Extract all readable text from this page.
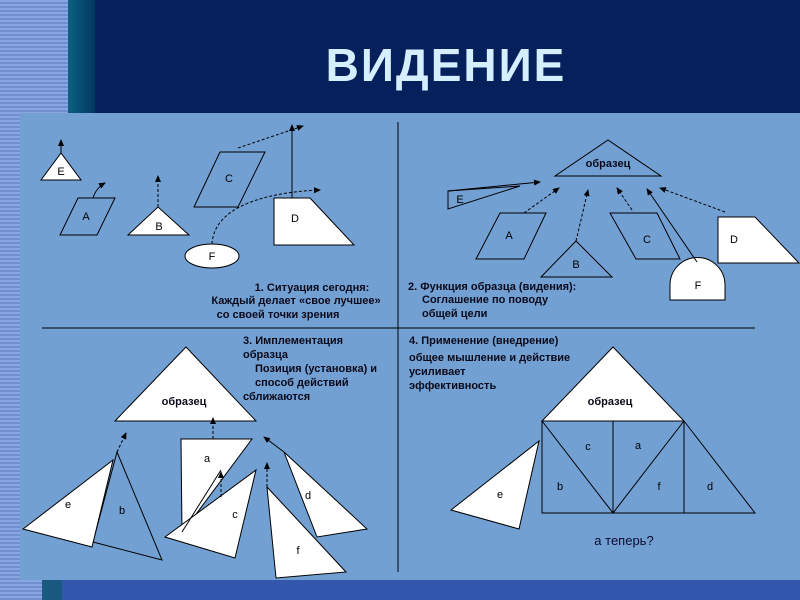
ВИДЕНИЕ
E
A
B
C
D
F
1. Ситуация сегодня:
Каждый делает «свое лучшее»
со своей точки зрения
образец
E
A
B
C	D
F
2. Функция образца (видения):
Соглашение по поводу
общей цели
образец
e	b
a
c
d
f
3. Имплементация
образца
Позиция (установка) и
способ действий
сближаются	образец
c	a
b	f	d
e
а теперь?
4. Применение (внедрение)
общее мышление и действие
усиливает
эффективность
